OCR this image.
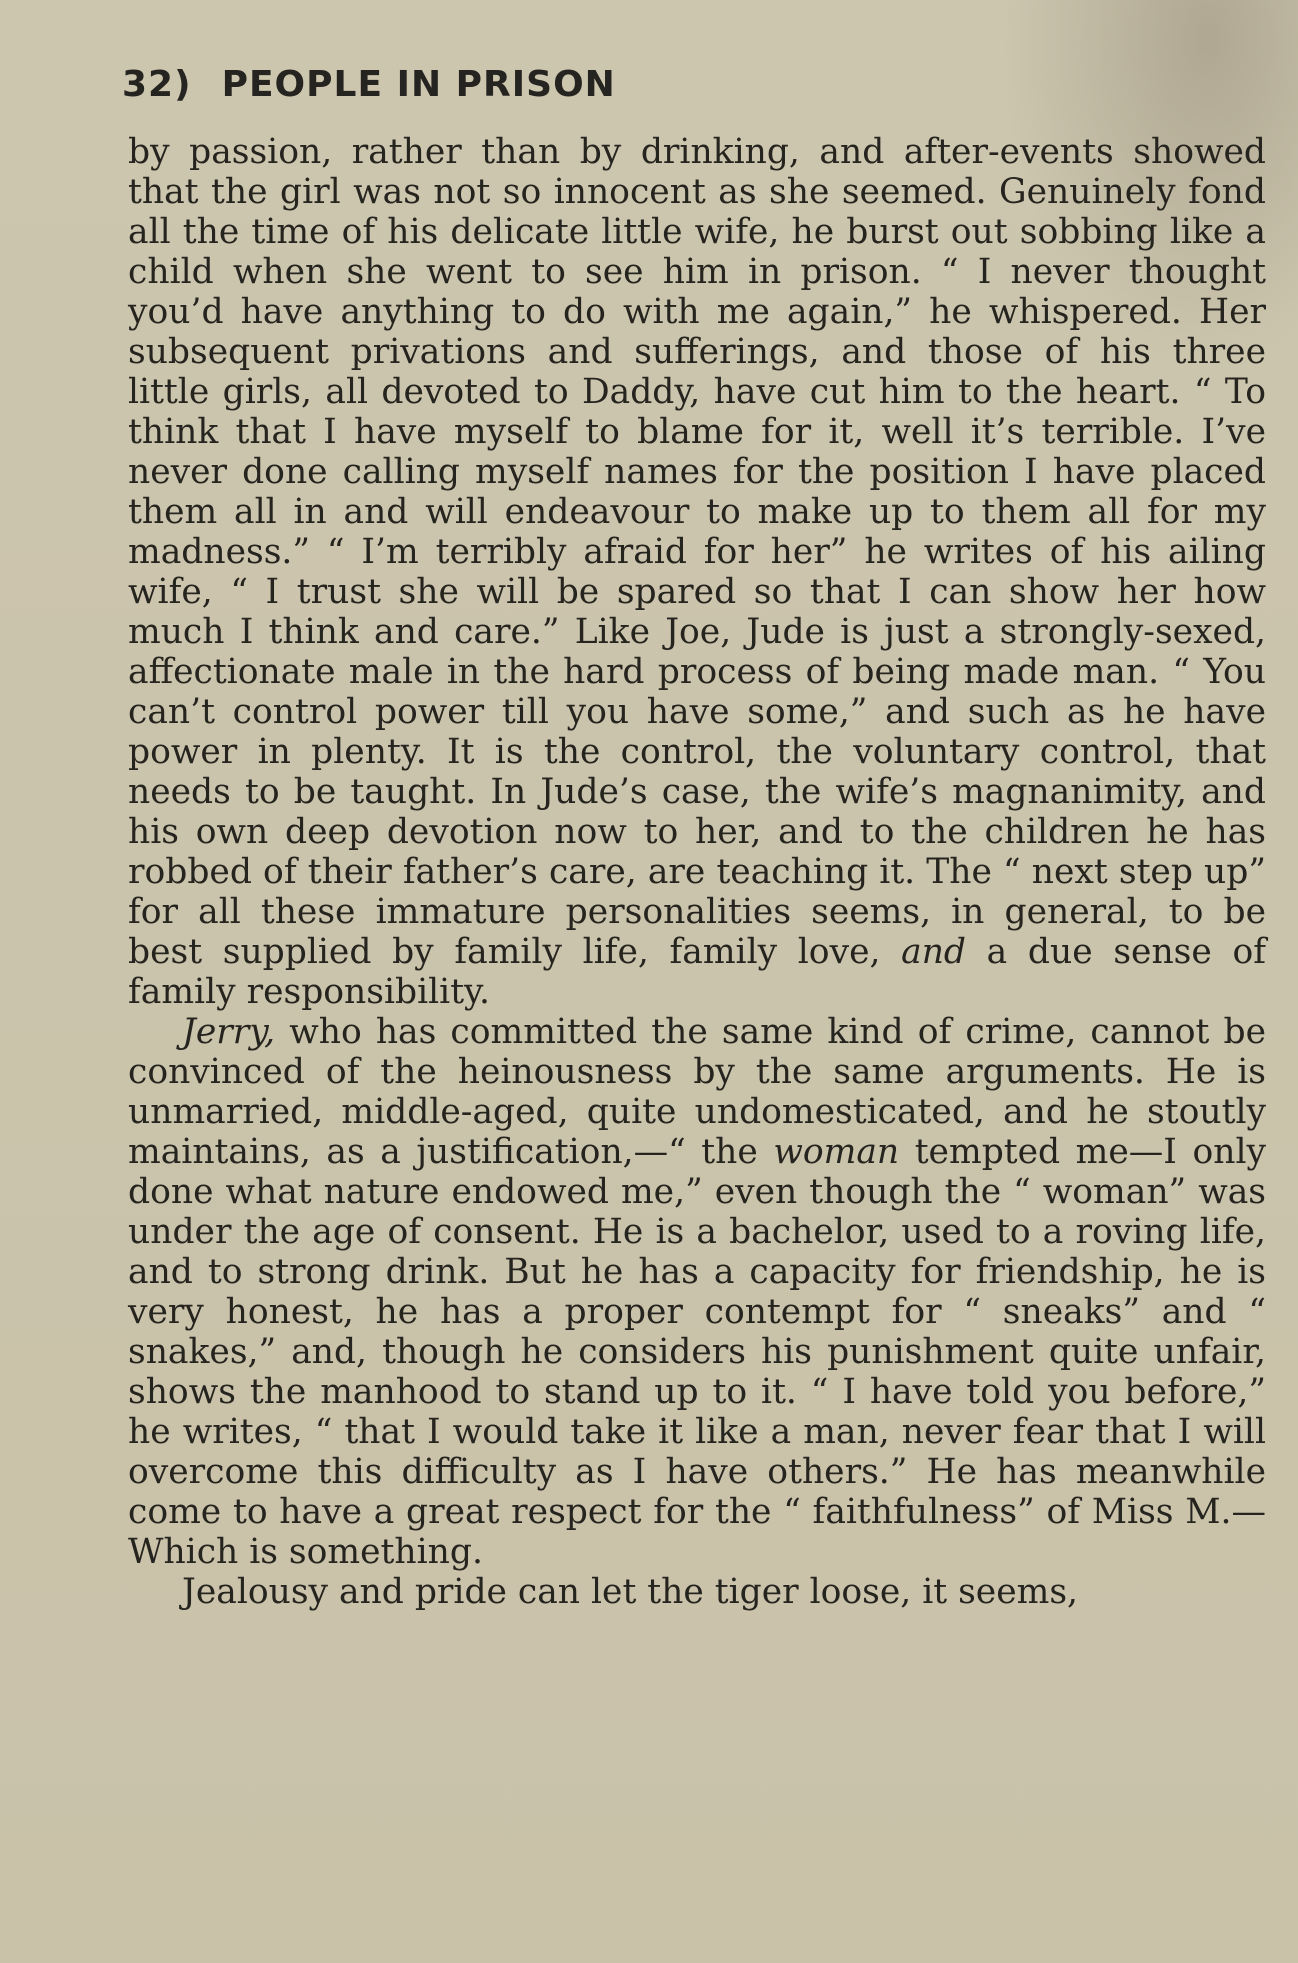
32) PEOPLE IN PRISON

by passion, rather than by drinking, and after-events showed that the girl was not so innocent as she seemed. Genuinely fond all the time of his delicate little wife, he burst out sobbing like a child when she went to see him in prison. “ I never thought you’d have anything to do with me again,” he whispered. Her subsequent privations and sufferings, and those of his three little girls, all devoted to Daddy, have cut him to the heart. “ To think that I have myself to blame for it, well it’s terrible. I’ve never done calling myself names for the position I have placed them all in and will endeavour to make up to them all for my madness.” “ I’m terribly afraid for her” he writes of his ailing wife, “ I trust she will be spared so that I can show her how much I think and care.” Like Joe, Jude is just a strongly-sexed, affectionate male in the hard process of being made man. “ You can’t control power till you have some,” and such as he have power in plenty. It is the control, the voluntary control, that needs to be taught. In Jude’s case, the wife’s magnanimity, and his own deep devotion now to her, and to the children he has robbed of their father’s care, are teaching it. The “ next step up” for all these immature personalities seems, in general, to be best supplied by family life, family love, and a due sense of family responsibility.

Jerry, who has committed the same kind of crime, cannot be convinced of the heinousness by the same arguments. He is unmarried, middle-aged, quite undomesticated, and he stoutly maintains, as a justification,—“ the woman tempted me—I only done what nature endowed me,” even though the “ woman” was under the age of consent. He is a bachelor, used to a roving life, and to strong drink. But he has a capacity for friendship, he is very honest, he has a proper contempt for “ sneaks” and “ snakes,” and, though he considers his punishment quite unfair, shows the manhood to stand up to it. “ I have told you before,” he writes, “ that I would take it like a man, never fear that I will overcome this difficulty as I have others.” He has meanwhile come to have a great respect for the “ faithfulness” of Miss M.—Which is something.

Jealousy and pride can let the tiger loose, it seems,
